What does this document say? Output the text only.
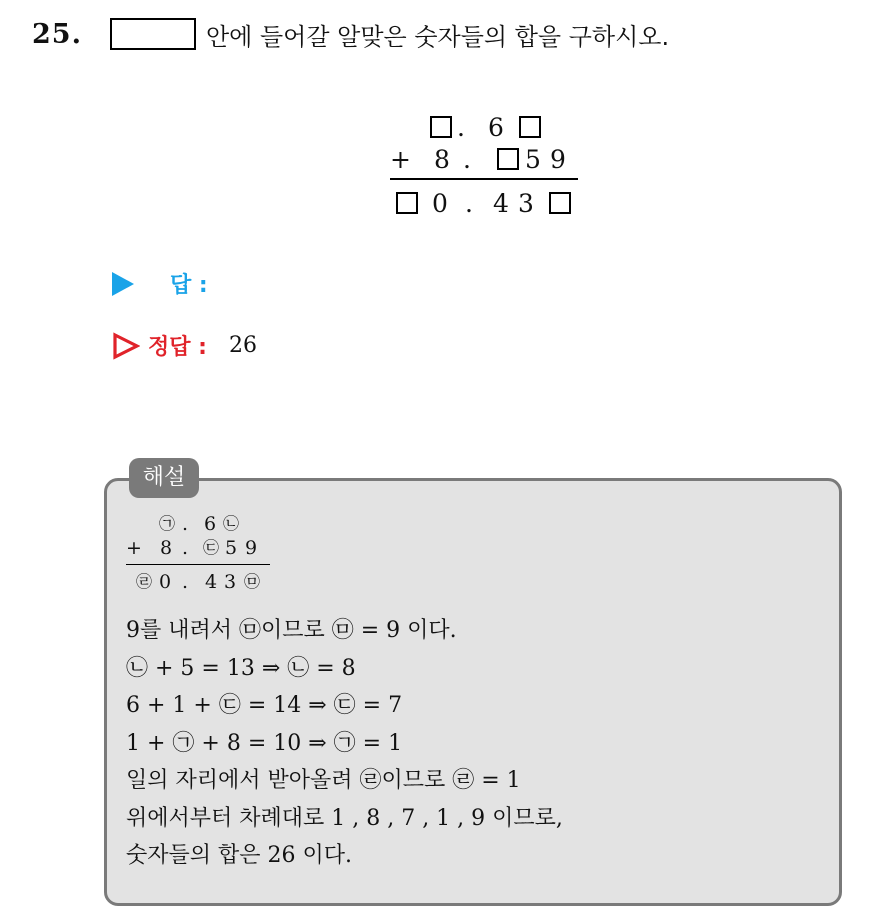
25.	안에 들어갈 알맞은 숫자들의 합을 구하시오.
. 6
+ 8 . 5 9
0 . 4 3
답 :
정답 : 26
해설
㉠ . 6 ㉡
+ 8 . ㉢ 5 9
㉣ 0 . 4 3 ㉤
9를 내려서 ㉤이므로 ㉤ = 9 이다.
㉡ + 5 = 13 ⇒ ㉡ = 8
6 + 1 + ㉢ = 14 ⇒ ㉢ = 7
1 + ㉠ + 8 = 10 ⇒ ㉠ = 1
일의 자리에서 받아올려 ㉣이므로 ㉣ = 1
위에서부터 차례대로 1 , 8 , 7 , 1 , 9 이므로,
숫자들의 합은 26 이다.
